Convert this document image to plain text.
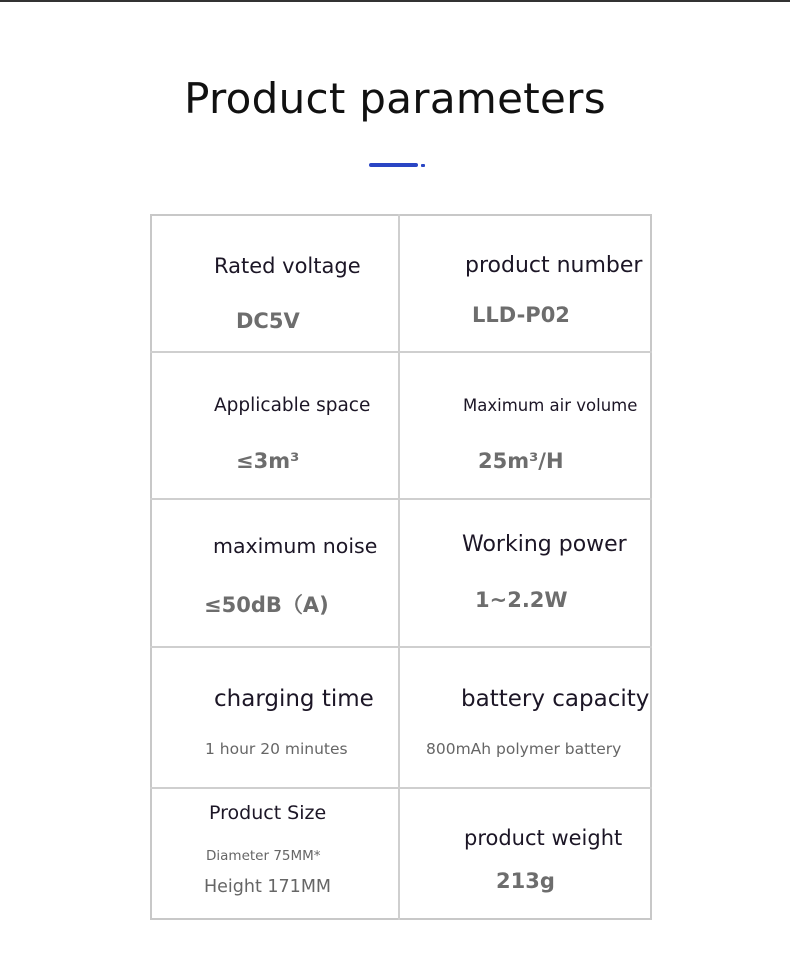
Product parameters
Rated voltage
DC5V
product number
LLD-P02
Applicable space
≤3m³
Maximum air volume
25m³/H
maximum noise
≤50dB（A)
Working power
1~2.2W
charging time
1 hour 20 minutes
battery capacity
800mAh polymer battery
Product Size
Diameter 75MM*
Height 171MM
product weight
213g
